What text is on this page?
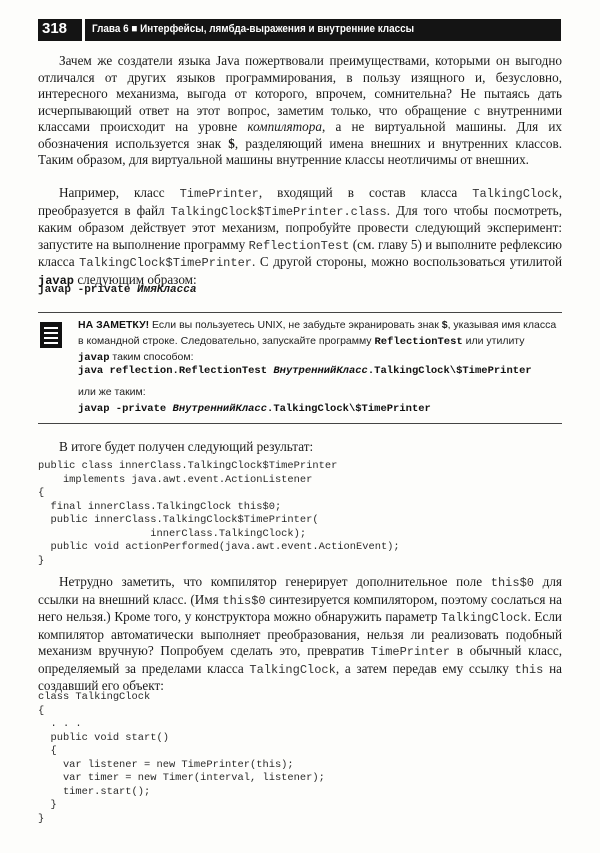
318 Глава 6 ■ Интерфейсы, лямбда-выражения и внутренние классы

Зачем же создатели языка Java пожертвовали преимуществами, которыми он выгодно отличался от других языков программирования, в пользу изящного и, безусловно, интересного механизма, выгода от которого, впрочем, сомнительна? Не пытаясь дать исчерпывающий ответ на этот вопрос, заметим только, что обращение с внутренними классами происходит на уровне компилятора, а не виртуальной машины. Для их обозначения используется знак $, разделяющий имена внешних и внутренних классов. Таким образом, для виртуальной машины внутренние классы неотличимы от внешних.

Например, класс TimePrinter, входящий в состав класса TalkingClock, преобразуется в файл TalkingClock$TimePrinter.class. Для того чтобы посмотреть, каким образом действует этот механизм, попробуйте провести следующий эксперимент: запустите на выполнение программу ReflectionTest (см. главу 5) и выполните рефлексию класса TalkingClock$TimePrinter. С другой стороны, можно воспользоваться утилитой javap следующим образом:

javap -private ИмяКласса

НА ЗАМЕТКУ! Если вы пользуетесь UNIX, не забудьте экранировать знак $, указывая имя класса в командной строке. Следовательно, запускайте программу ReflectionTest или утилиту javap таким способом:

java reflection.ReflectionTest ВнутреннийКласс.TalkingClock\$TimePrinter
или же таким:
javap -private ВнутреннийКласс.TalkingClock\$TimePrinter

В итоге будет получен следующий результат:

public class innerClass.TalkingClock$TimePrinter
implements java.awt.event.ActionListener
{
final innerClass.TalkingClock this$0;
public innerClass.TalkingClock$TimePrinter(
innerClass.TalkingClock);
public void actionPerformed(java.awt.event.ActionEvent);
}

Нетрудно заметить, что компилятор генерирует дополнительное поле this$0 для ссылки на внешний класс. (Имя this$0 синтезируется компилятором, поэтому сослаться на него нельзя.) Кроме того, у конструктора можно обнаружить параметр TalkingClock. Если компилятор автоматически выполняет преобразования, нельзя ли реализовать подобный механизм вручную? Попробуем сделать это, превратив TimePrinter в обычный класс, определяемый за пределами класса TalkingClock, а затем передав ему ссылку this на создавший его объект:

class TalkingClock
{
. . .
public void start()
{
var listener = new TimePrinter(this);
var timer = new Timer(interval, listener);
timer.start();
}
}
